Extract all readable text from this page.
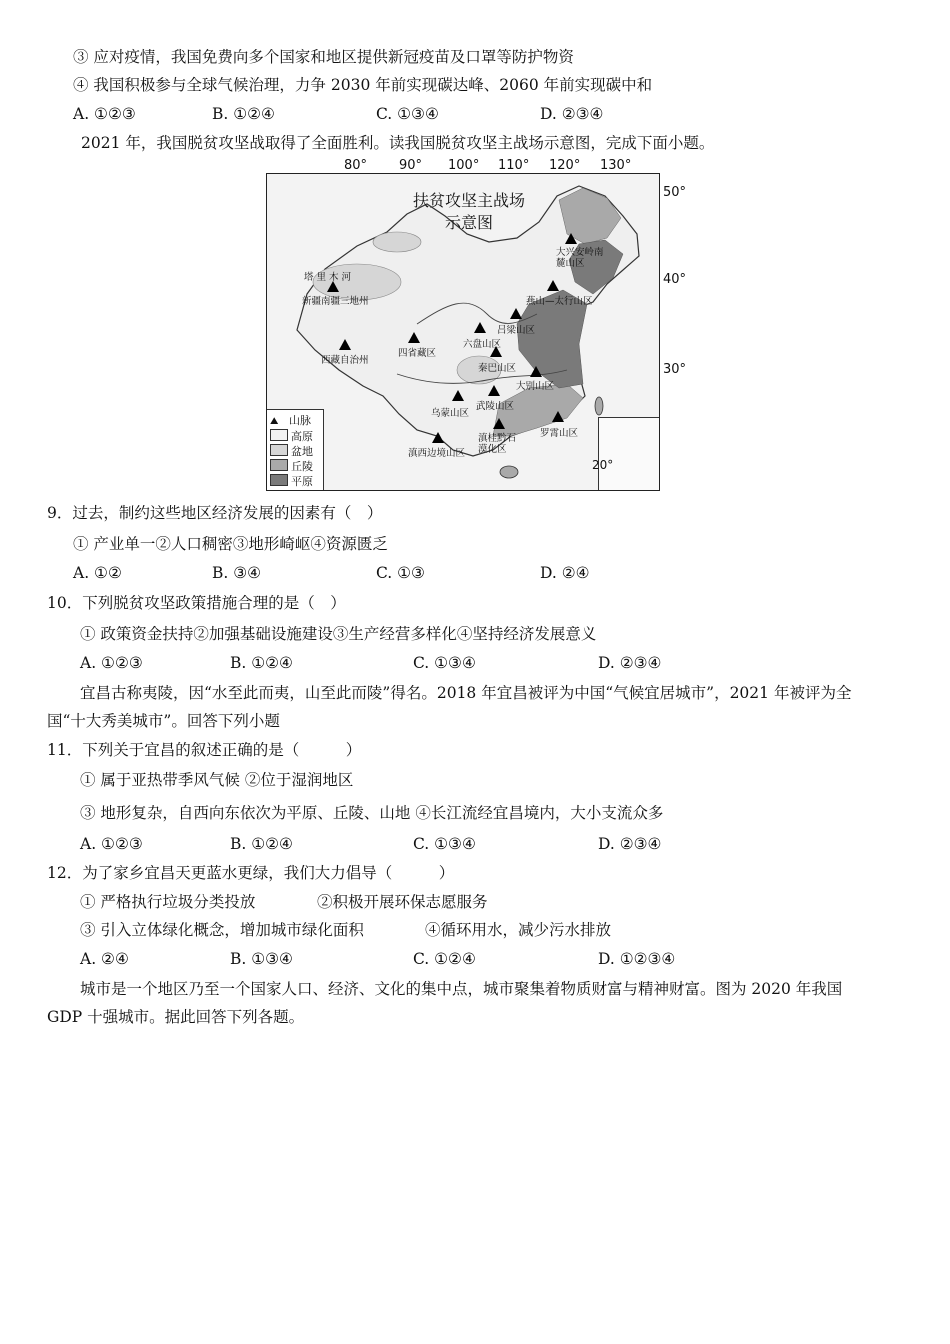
③ 应对疫情，我国免费向多个国家和地区提供新冠疫苗及口罩等防护物资
④ 我国积极参与全球气候治理，力争 2030 年前实现碳达峰、2060 年前实现碳中和
A. ①②③	B. ①②④	C. ①③④	D. ②③④
2021 年，我国脱贫攻坚战取得了全面胜利。读我国脱贫攻坚主战场示意图，完成下面小题。
80° 90° 100° 110° 120° 130°
50°
40°
30°
扶贫攻坚主战场
示意图
塔 里 木 河
大兴安岭南麓山区
新疆南疆三地州	燕山—太行山区
吕梁山区
六盘山区
四省藏区
西藏自治州
秦巴山区
大别山区
乌蒙山区
武陵山区
罗霄山区
滇西边境山区
滇桂黔石漠化区
⛰ 山脉
高原
盆地
丘陵
平原
20°
9．过去，制约这些地区经济发展的因素有（　）
① 产业单一②人口稠密③地形崎岖④资源匮乏
A. ①②	B. ③④	C. ①③	D. ②④
10．下列脱贫攻坚政策措施合理的是（　）
① 政策资金扶持②加强基础设施建设③生产经营多样化④坚持经济发展意义
A. ①②③	B. ①②④	C. ①③④	D. ②③④
宜昌古称夷陵，因“水至此而夷，山至此而陵”得名。2018 年宜昌被评为中国“气候宜居城市”，2021 年被评为全
国“十大秀美城市”。回答下列小题
11．下列关于宜昌的叙述正确的是（　　　）
① 属于亚热带季风气候 ②位于湿润地区
③ 地形复杂，自西向东依次为平原、丘陵、山地 ④长江流经宜昌境内，大小支流众多
A. ①②③	B. ①②④	C. ①③④	D. ②③④
12．为了家乡宜昌天更蓝水更绿，我们大力倡导（　　　）
① 严格执行垃圾分类投放	②积极开展环保志愿服务
③ 引入立体绿化概念，增加城市绿化面积	④循环用水，减少污水排放
A. ②④	B. ①③④	C. ①②④	D. ①②③④
城市是一个地区乃至一个国家人口、经济、文化的集中点，城市聚集着物质财富与精神财富。图为 2020 年我国
GDP 十强城市。据此回答下列各题。
